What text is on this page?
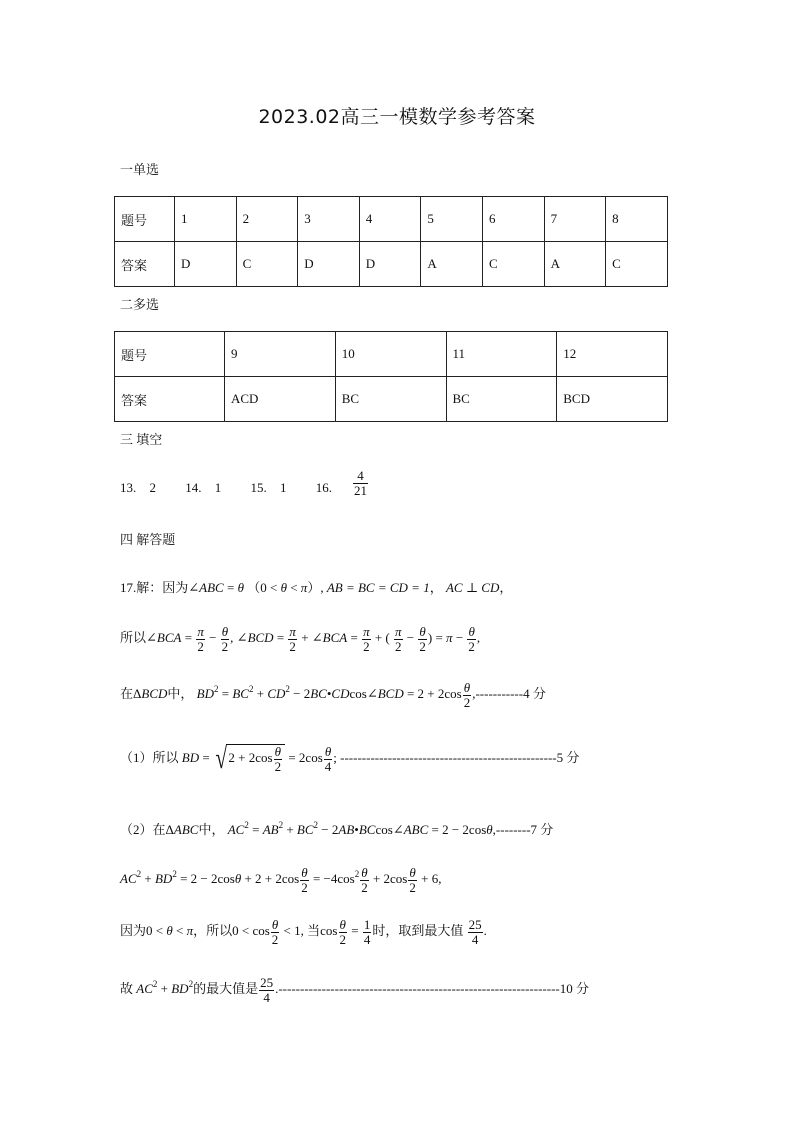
2023.02高三一模数学参考答案
一单选
题号	1	2	3	4	5	6	7	8
答案	D	C	D	D	A	C	A	C
二多选
题号	9	10	11	12
答案	ACD	BC	BC	BCD
三 填空
13. 2 14. 1 15. 1 16. $\frac{4}{21}$
四 解答题
17.解：因为∠ABC = θ （0 < θ < π）, AB = BC = CD = 1， AC ⊥ CD，
所以∠BCA = $\frac{\pi}{2} - \frac{\theta}{2}$ , ∠BCD = $\frac{\pi}{2}$ + ∠BCA = $\frac{\pi}{2}$ + ( $\frac{\pi}{2} - \frac{\theta}{2}$ ) = $\pi - \frac{\theta}{2}$ ,
在ΔBCD中， $BD^2 = BC^2 + CD^2$ − 2BC•CDcos∠BCD = $2 + 2\cos \frac{\theta}{2} ,-----------4$ 分
（1）所以 BD = $√2 + 2\cos \frac{\theta}{2} = 2\cos \frac{\theta}{4}$ ; --------------------------------------------------5 分
（2）在ΔABC中， $AC^2 = AB^2 + BC^2$ − 2AB•BCcos∠ABC = 2 − 2cosθ,--------7 分
$AC^2 + BD^2 = 2 - 2\cos\theta + 2 + 2\cos \frac{\theta}{2} = -4\cos^2 \frac{\theta}{2} + 2\cos \frac{\theta}{2} + 6$,
因为0 < θ < π，所以$0 < \cos \frac{\theta}{2} < 1$, 当$\cos \frac{\theta}{2} = \frac{1}{4}$ 时，取到最大值 $\frac{25}{4}$ .
故 $AC^2 + BD^2$的最大值是 $\frac{25}{4} .-----------------------------------------------------------------10$ 分
